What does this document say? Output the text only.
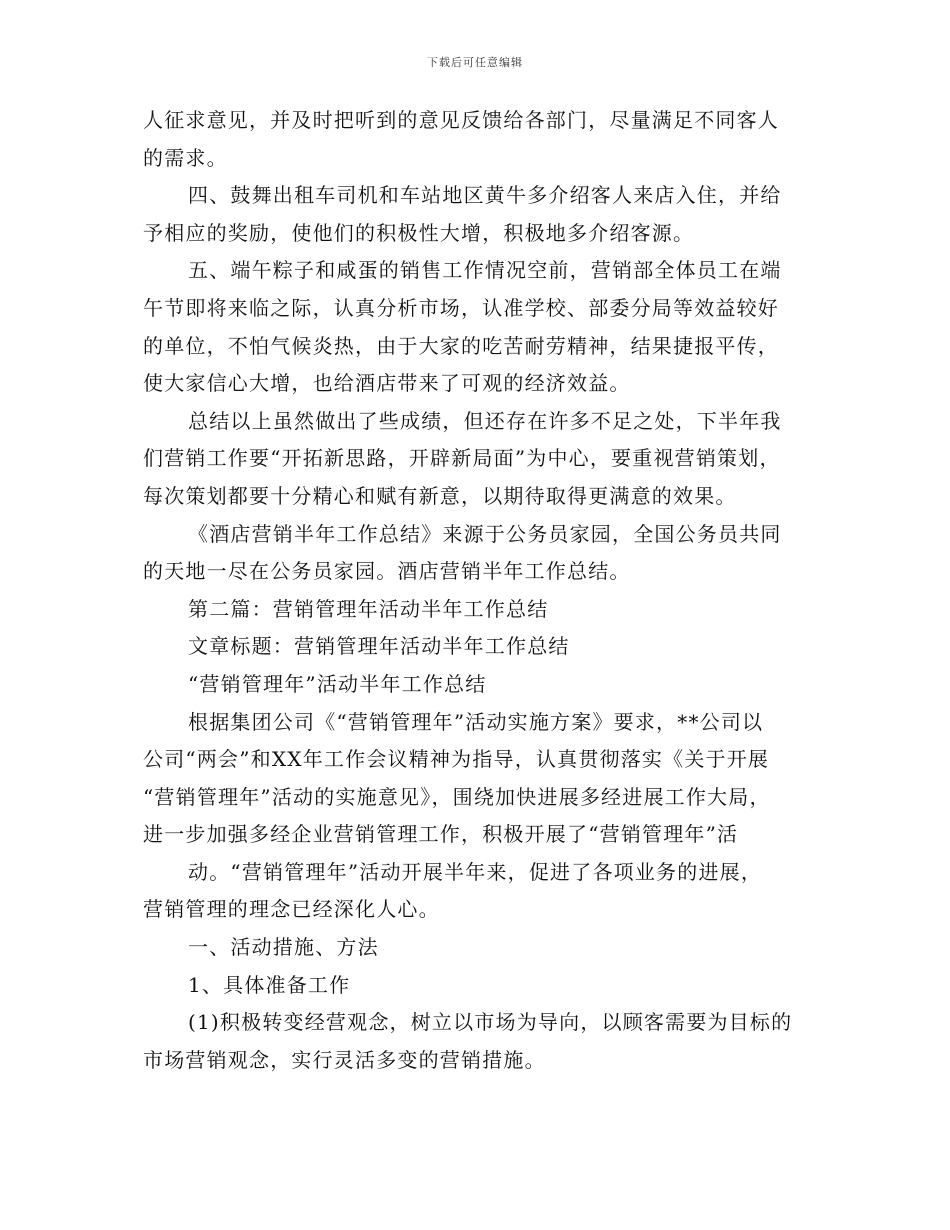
下载后可任意编辑
人征求意见，并及时把听到的意见反馈给各部门，尽量满足不同客人
的需求。
四、鼓舞出租车司机和车站地区黄牛多介绍客人来店入住，并给
予相应的奖励，使他们的积极性大增，积极地多介绍客源。
五、端午粽子和咸蛋的销售工作情况空前，营销部全体员工在端
午节即将来临之际，认真分析市场，认准学校、部委分局等效益较好
的单位，不怕气候炎热，由于大家的吃苦耐劳精神，结果捷报平传，
使大家信心大增，也给酒店带来了可观的经济效益。
总结以上虽然做出了些成绩，但还存在许多不足之处，下半年我
们营销工作要“开拓新思路，开辟新局面”为中心，要重视营销策划，
每次策划都要十分精心和赋有新意，以期待取得更满意的效果。
《酒店营销半年工作总结》来源于公务员家园，全国公务员共同
的天地一尽在公务员家园。酒店营销半年工作总结。
第二篇：营销管理年活动半年工作总结
文章标题：营销管理年活动半年工作总结
“营销管理年”活动半年工作总结
根据集团公司《“营销管理年”活动实施方案》要求，**公司以
公司“两会”和XX年工作会议精神为指导，认真贯彻落实《关于开展
“营销管理年”活动的实施意见》，围绕加快进展多经进展工作大局，
进一步加强多经企业营销管理工作，积极开展了“营销管理年”活
动。“营销管理年”活动开展半年来，促进了各项业务的进展，
营销管理的理念已经深化人心。
一、活动措施、方法
1、具体准备工作
(1)积极转变经营观念，树立以市场为导向，以顾客需要为目标的
市场营销观念，实行灵活多变的营销措施。
